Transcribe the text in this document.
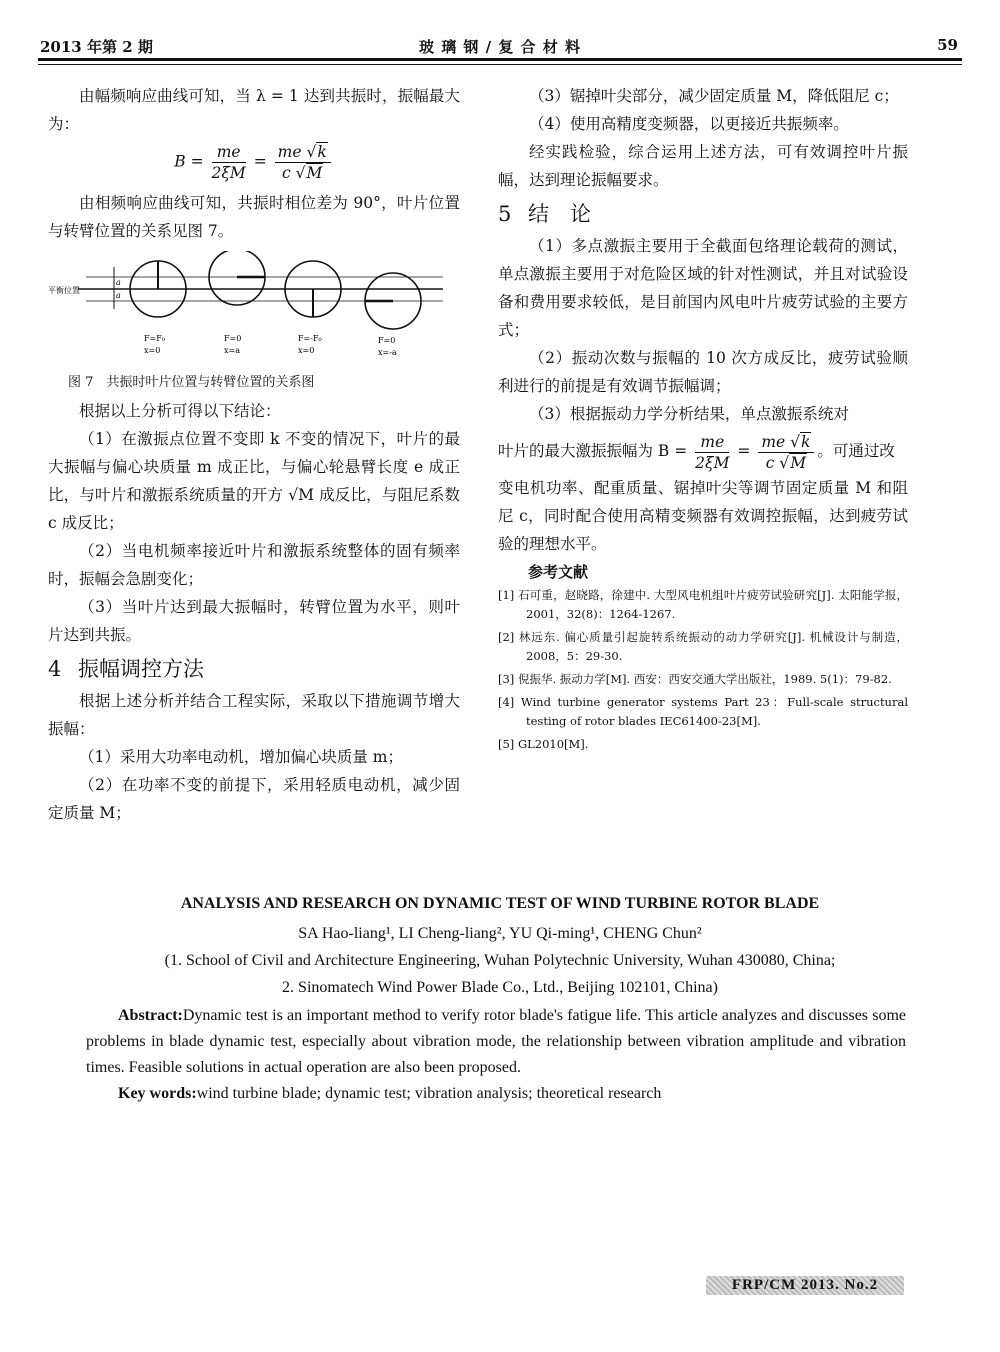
2013 年第 2 期	玻 璃 钢 / 复 合 材 料	59

由幅频响应曲线可知，当 λ = 1 达到共振时，振幅最大为：

$B = \frac{me}{2\xi M} = \frac{me √k}{c √M}$

由相频响应曲线可知，共振时相位差为 90°，叶片位置与转臂位置的关系见图 7。

平衡位置
a
a
F=F₀
x=0
F=0
x=a
F=-F₀
x=0
F=0
x=-a

图 7　共振时叶片位置与转臂位置的关系图

根据以上分析可得以下结论：

（1）在激振点位置不变即 k 不变的情况下，叶片的最大振幅与偏心块质量 m 成正比，与偏心轮悬臂长度 e 成正比，与叶片和激振系统质量的开方 √M 成反比，与阻尼系数 c 成反比；

（2）当电机频率接近叶片和激振系统整体的固有频率时，振幅会急剧变化；

（3）当叶片达到最大振幅时，转臂位置为水平，则叶片达到共振。

4 振幅调控方法

根据上述分析并结合工程实际，采取以下措施调节增大振幅：

（1）采用大功率电动机，增加偏心块质量 m；

（2）在功率不变的前提下，采用轻质电动机，减少固定质量 M；

（3）锯掉叶尖部分，减少固定质量 M，降低阻尼 c；

（4）使用高精度变频器，以更接近共振频率。

经实践检验，综合运用上述方法，可有效调控叶片振幅，达到理论振幅要求。

5 结　论

（1）多点激振主要用于全截面包络理论载荷的测试，单点激振主要用于对危险区域的针对性测试，并且对试验设备和费用要求较低，是目前国内风电叶片疲劳试验的主要方式；

（2）振动次数与振幅的 10 次方成反比，疲劳试验顺利进行的前提是有效调节振幅调；

（3）根据振动力学分析结果，单点激振系统对

叶片的最大激振振幅为 $B = \frac{me}{2\xi M} = \frac{me √k}{c √M}$ 。可通过改

变电机功率、配重质量、锯掉叶尖等调节固定质量 M 和阻尼 c，同时配合使用高精变频器有效调控振幅，达到疲劳试验的理想水平。

参考文献

[1] 石可重，赵晓路，徐建中. 大型风电机组叶片疲劳试验研究[J]. 太阳能学报，2001，32(8)：1264-1267.

[2] 林远东. 偏心质量引起旋转系统振动的动力学研究[J]. 机械设计与制造，2008，5：29-30.

[3] 倪振华. 振动力学[M]. 西安：西安交通大学出版社，1989. 5(1)：79-82.

[4] Wind turbine generator systems Part 23：Full-scale structural testing of rotor blades IEC61400-23[M].

[5] GL2010[M].

ANALYSIS AND RESEARCH ON DYNAMIC TEST OF WIND TURBINE ROTOR BLADE
SA Hao-liang¹, LI Cheng-liang², YU Qi-ming¹, CHENG Chun²
(1. School of Civil and Architecture Engineering, Wuhan Polytechnic University, Wuhan 430080, China;
2. Sinomatech Wind Power Blade Co., Ltd., Beijing 102101, China)
Abstract:Dynamic test is an important method to verify rotor blade's fatigue life. This article analyzes and discusses some problems in blade dynamic test, especially about vibration mode, the relationship between vibration amplitude and vibration times. Feasible solutions in actual operation are also been proposed.
Key words:wind turbine blade; dynamic test; vibration analysis; theoretical research
FRP/CM 2013. No.2
